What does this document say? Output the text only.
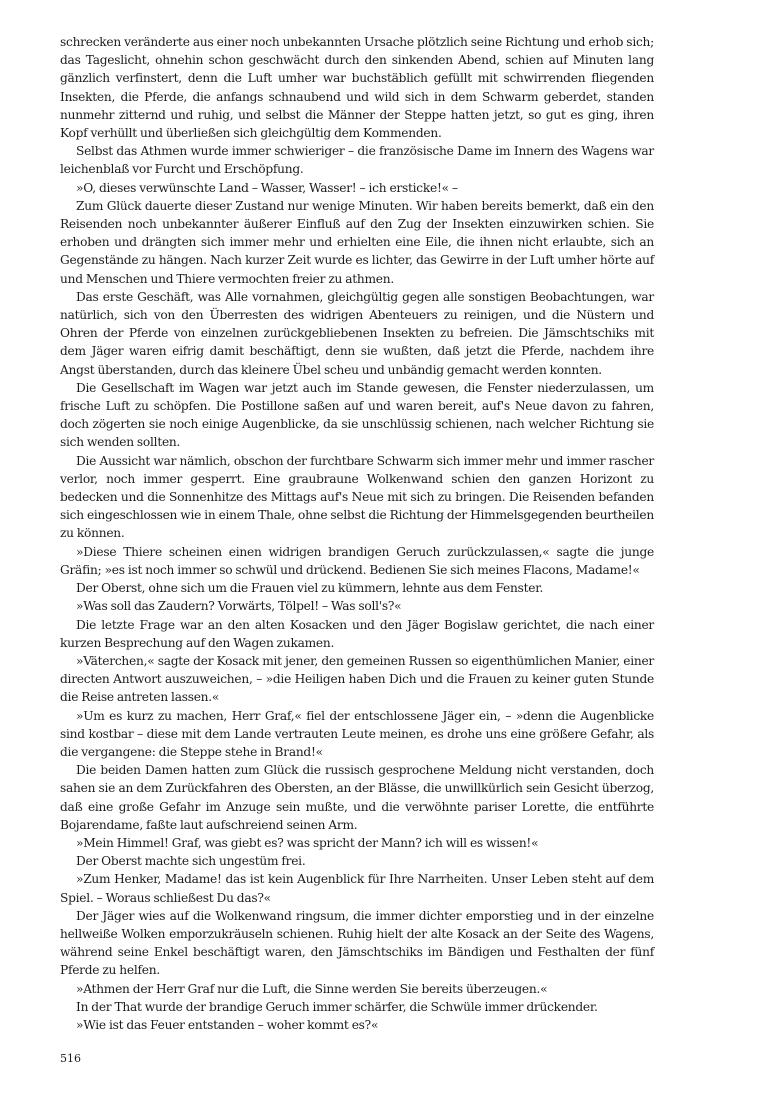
schrecken veränderte aus einer noch unbekannten Ursache plötzlich seine Richtung und erhob sich; das Tageslicht, ohnehin schon geschwächt durch den sinkenden Abend, schien auf Minuten lang gänzlich verfinstert, denn die Luft umher war buchstäblich gefüllt mit schwirrenden fliegenden Insekten, die Pferde, die anfangs schnaubend und wild sich in dem Schwarm geberdet, standen nunmehr zitternd und ruhig, und selbst die Männer der Steppe hatten jetzt, so gut es ging, ihren Kopf verhüllt und überließen sich gleichgültig dem Kommenden.

Selbst das Athmen wurde immer schwieriger – die französische Dame im Innern des Wagens war leichenblaß vor Furcht und Erschöpfung.

»O, dieses verwünschte Land – Wasser, Wasser! – ich ersticke!« –

Zum Glück dauerte dieser Zustand nur wenige Minuten. Wir haben bereits bemerkt, daß ein den Reisenden noch unbekannter äußerer Einfluß auf den Zug der Insekten einzuwirken schien. Sie erhoben und drängten sich immer mehr und erhielten eine Eile, die ihnen nicht erlaubte, sich an Gegenstände zu hängen. Nach kurzer Zeit wurde es lichter, das Gewirre in der Luft umher hörte auf und Menschen und Thiere vermochten freier zu athmen.

Das erste Geschäft, was Alle vornahmen, gleichgültig gegen alle sonstigen Beobachtungen, war natürlich, sich von den Überresten des widrigen Abenteuers zu reinigen, und die Nüstern und Ohren der Pferde von einzelnen zurückgebliebenen Insekten zu befreien. Die Jämschtschiks mit dem Jäger waren eifrig damit beschäftigt, denn sie wußten, daß jetzt die Pferde, nachdem ihre Angst überstanden, durch das kleinere Übel scheu und unbändig gemacht werden konnten.

Die Gesellschaft im Wagen war jetzt auch im Stande gewesen, die Fenster niederzulassen, um frische Luft zu schöpfen. Die Postillone saßen auf und waren bereit, auf's Neue davon zu fahren, doch zögerten sie noch einige Augenblicke, da sie unschlüssig schienen, nach welcher Richtung sie sich wenden sollten.

Die Aussicht war nämlich, obschon der furchtbare Schwarm sich immer mehr und immer rascher verlor, noch immer gesperrt. Eine graubraune Wolkenwand schien den ganzen Horizont zu bedecken und die Sonnenhitze des Mittags auf's Neue mit sich zu bringen. Die Reisenden befanden sich eingeschlossen wie in einem Thale, ohne selbst die Richtung der Himmelsgegenden beurtheilen zu können.

»Diese Thiere scheinen einen widrigen brandigen Geruch zurückzulassen,« sagte die junge Gräfin; »es ist noch immer so schwül und drückend. Bedienen Sie sich meines Flacons, Madame!«

Der Oberst, ohne sich um die Frauen viel zu kümmern, lehnte aus dem Fenster.

»Was soll das Zaudern? Vorwärts, Tölpel! – Was soll's?«

Die letzte Frage war an den alten Kosacken und den Jäger Bogislaw gerichtet, die nach einer kurzen Besprechung auf den Wagen zukamen.

»Väterchen,« sagte der Kosack mit jener, den gemeinen Russen so eigenthümlichen Manier, einer directen Antwort auszuweichen, – »die Heiligen haben Dich und die Frauen zu keiner guten Stunde die Reise antreten lassen.«

»Um es kurz zu machen, Herr Graf,« fiel der entschlossene Jäger ein, – »denn die Augenblicke sind kostbar – diese mit dem Lande vertrauten Leute meinen, es drohe uns eine größere Gefahr, als die vergangene: die Steppe stehe in Brand!«

Die beiden Damen hatten zum Glück die russisch gesprochene Meldung nicht verstanden, doch sahen sie an dem Zurückfahren des Obersten, an der Blässe, die unwillkürlich sein Gesicht überzog, daß eine große Gefahr im Anzuge sein mußte, und die verwöhnte pariser Lorette, die entführte Bojarendame, faßte laut aufschreiend seinen Arm.

»Mein Himmel! Graf, was giebt es? was spricht der Mann? ich will es wissen!«

Der Oberst machte sich ungestüm frei.

»Zum Henker, Madame! das ist kein Augenblick für Ihre Narrheiten. Unser Leben steht auf dem Spiel. – Woraus schließest Du das?«

Der Jäger wies auf die Wolkenwand ringsum, die immer dichter emporstieg und in der einzelne hellweiße Wolken emporzukräuseln schienen. Ruhig hielt der alte Kosack an der Seite des Wagens, während seine Enkel beschäftigt waren, den Jämschtschiks im Bändigen und Festhalten der fünf Pferde zu helfen.

»Athmen der Herr Graf nur die Luft, die Sinne werden Sie bereits überzeugen.«

In der That wurde der brandige Geruch immer schärfer, die Schwüle immer drückender.

»Wie ist das Feuer entstanden – woher kommt es?«

516
